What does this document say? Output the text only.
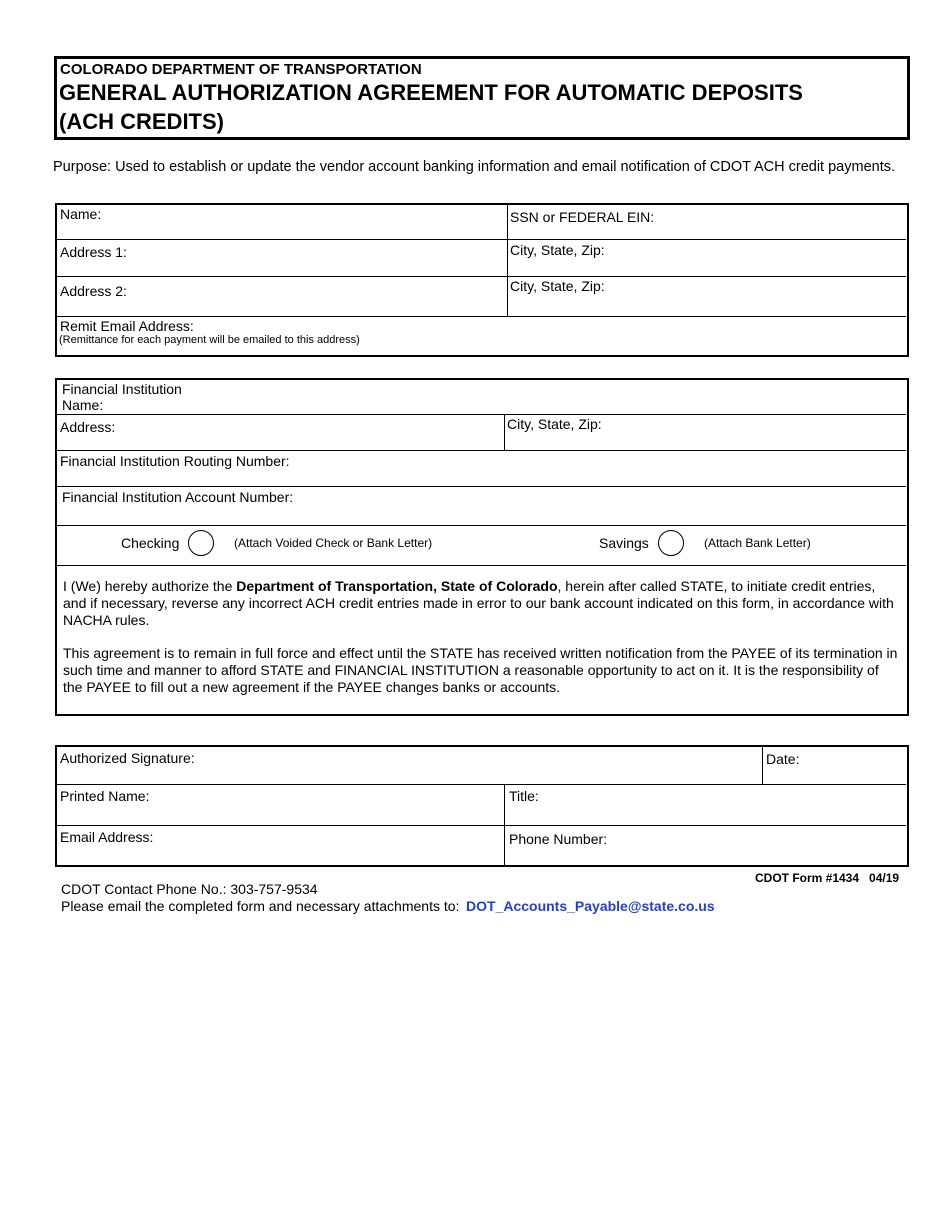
COLORADO DEPARTMENT OF TRANSPORTATION
GENERAL AUTHORIZATION AGREEMENT FOR AUTOMATIC DEPOSITS
(ACH CREDITS)
Purpose: Used to establish or update the vendor account banking information and email notification of CDOT ACH credit payments.
Name:	SSN or FEDERAL EIN:
Address 1:	City, State, Zip:
Address 2:	City, State, Zip:
Remit Email Address:
(Remittance for each payment will be emailed to this address)
Financial Institution
Name:
Address:	City, State, Zip:
Financial Institution Routing Number:
Financial Institution Account Number:
Checking	(Attach Voided Check or Bank Letter)	Savings	(Attach Bank Letter)
I (We) hereby authorize the Department of Transportation, State of Colorado, herein after called STATE, to initiate credit entries, and if necessary, reverse any incorrect ACH credit entries made in error to our bank account indicated on this form, in accordance with NACHA rules.
This agreement is to remain in full force and effect until the STATE has received written notification from the PAYEE of its termination in such time and manner to afford STATE and FINANCIAL INSTITUTION a reasonable opportunity to act on it. It is the responsibility of the PAYEE to fill out a new agreement if the PAYEE changes banks or accounts.
Authorized Signature:	Date:
Printed Name:	Title:
Email Address:	Phone Number:
CDOT Form #1434   04/19
CDOT Contact Phone No.: 303-757-9534
Please email the completed form and necessary attachments to: DOT_Accounts_Payable@state.co.us
